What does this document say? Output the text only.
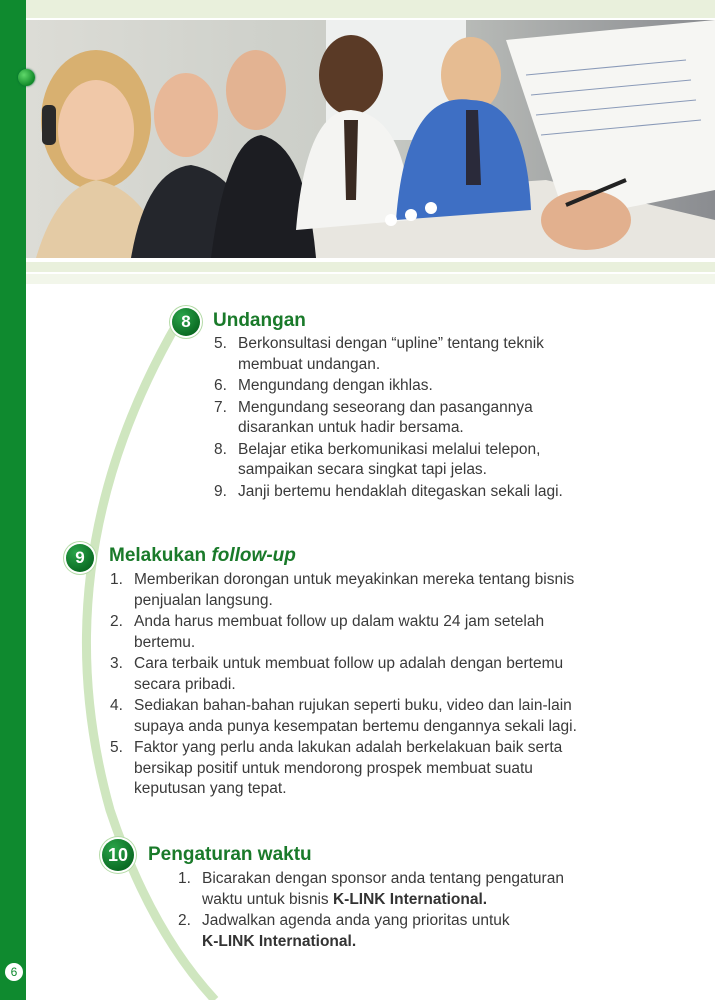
8	Undangan
5. Berkonsultasi dengan “upline” tentang teknik membuat undangan.
6. Mengundang dengan ikhlas.
7. Mengundang seseorang dan pasangannya disarankan untuk hadir bersama.
8. Belajar etika berkomunikasi melalui telepon, sampaikan secara singkat tapi jelas.
9. Janji bertemu hendaklah ditegaskan sekali lagi.
9	Melakukan follow-up
1. Memberikan dorongan untuk meyakinkan mereka tentang bisnis penjualan langsung.
2. Anda harus membuat follow up dalam waktu 24 jam setelah bertemu.
3. Cara terbaik untuk membuat follow up adalah dengan bertemu secara pribadi.
4. Sediakan bahan-bahan rujukan seperti buku, video dan lain-lain supaya anda punya kesempatan bertemu dengannya sekali lagi.
5. Faktor yang perlu anda lakukan adalah berkelakuan baik serta bersikap positif untuk mendorong prospek membuat suatu keputusan yang tepat.
10	Pengaturan waktu
1. Bicarakan dengan sponsor anda tentang pengaturan waktu untuk bisnis K-LINK International.
2. Jadwalkan agenda anda yang prioritas untuk
K-LINK International.
6
